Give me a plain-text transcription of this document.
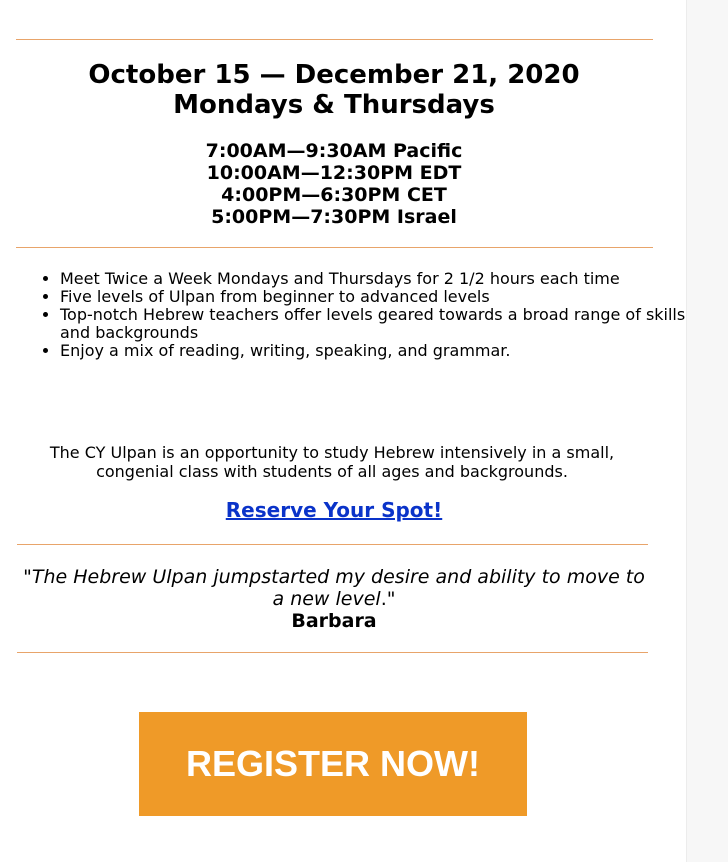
October 15 — December 21, 2020
Mondays & Thursdays
7:00AM—9:30AM Pacific
10:00AM—12:30PM EDT
4:00PM—6:30PM CET
5:00PM—7:30PM Israel
• Meet Twice a Week Mondays and Thursdays for 2 1/2 hours each time
• Five levels of Ulpan from beginner to advanced levels
• Top-notch Hebrew teachers offer levels geared towards a broad range of skills and backgrounds
• Enjoy a mix of reading, writing, speaking, and grammar.
The CY Ulpan is an opportunity to study Hebrew intensively in a small, congenial class with students of all ages and backgrounds.
Reserve Your Spot!
"The Hebrew Ulpan jumpstarted my desire and ability to move to a new level."
Barbara
REGISTER NOW!
